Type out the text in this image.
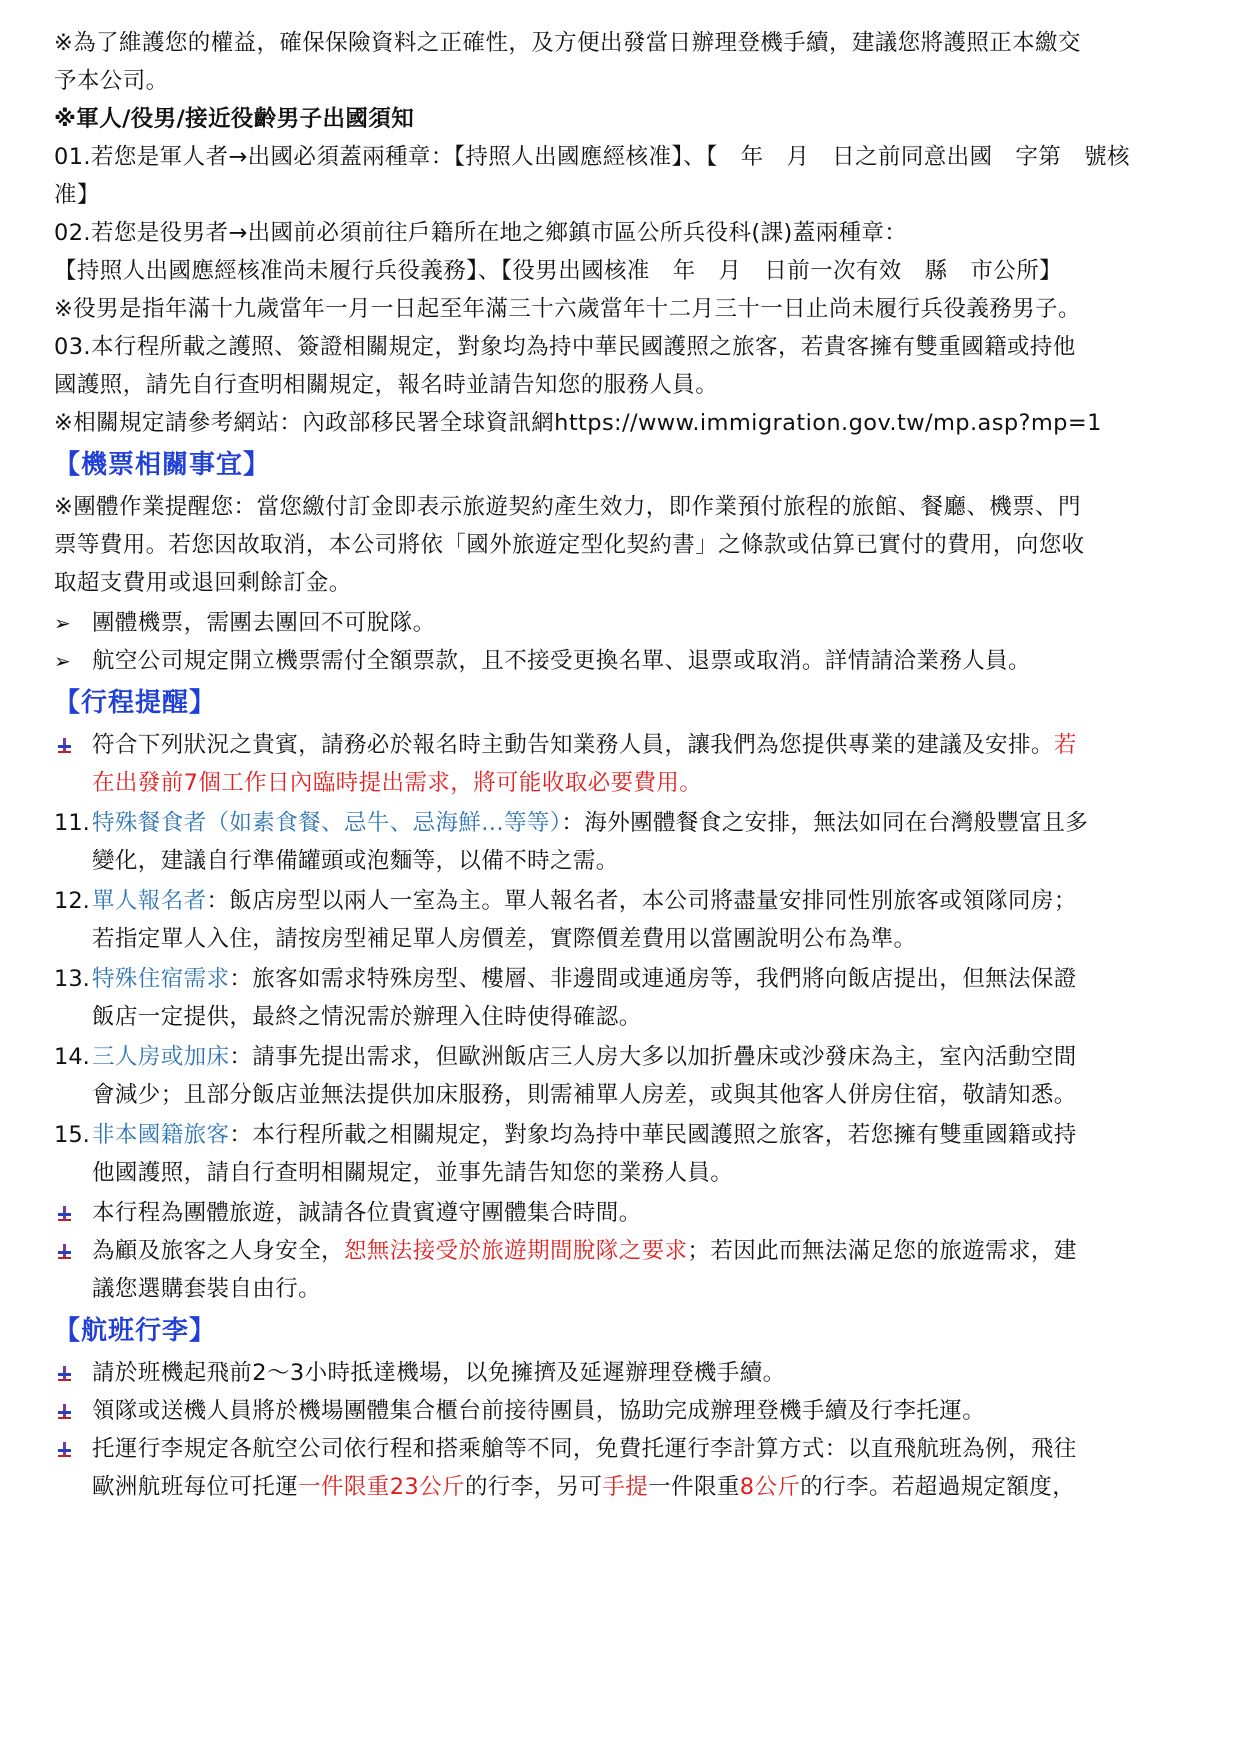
※為了維護您的權益，確保保險資料之正確性，及方便出發當日辦理登機手續，建議您將護照正本繳交
予本公司。
※軍人/役男/接近役齡男子出國須知
01.若您是軍人者→出國必須蓋兩種章：【持照人出國應經核准】、【　年　月　日之前同意出國　字第　號核
准】
02.若您是役男者→出國前必須前往戶籍所在地之鄉鎮市區公所兵役科(課)蓋兩種章：
【持照人出國應經核准尚未履行兵役義務】、【役男出國核准　年　月　日前一次有效　縣　市公所】
※役男是指年滿十九歲當年一月一日起至年滿三十六歲當年十二月三十一日止尚未履行兵役義務男子。
03.本行程所載之護照、簽證相關規定，對象均為持中華民國護照之旅客，若貴客擁有雙重國籍或持他
國護照，請先自行查明相關規定，報名時並請告知您的服務人員。
※相關規定請參考網站：內政部移民署全球資訊網https://www.immigration.gov.tw/mp.asp?mp=1
【機票相關事宜】
※團體作業提醒您：當您繳付訂金即表示旅遊契約產生效力，即作業預付旅程的旅館、餐廳、機票、門
票等費用。若您因故取消，本公司將依「國外旅遊定型化契約書」之條款或估算已實付的費用，向您收
取超支費用或退回剩餘訂金。
➢ 團體機票，需團去團回不可脫隊。
➢ 航空公司規定開立機票需付全額票款，且不接受更換名單、退票或取消。詳情請洽業務人員。
【行程提醒】
符合下列狀況之貴賓，請務必於報名時主動告知業務人員，讓我們為您提供專業的建議及安排。若
在出發前7個工作日內臨時提出需求，將可能收取必要費用。
11. 特殊餐食者（如素食餐、忌牛、忌海鮮...等等）：海外團體餐食之安排，無法如同在台灣般豐富且多
變化，建議自行準備罐頭或泡麵等，以備不時之需。
12. 單人報名者：飯店房型以兩人一室為主。單人報名者，本公司將盡量安排同性別旅客或領隊同房；
若指定單人入住，請按房型補足單人房價差，實際價差費用以當團說明公布為準。
13. 特殊住宿需求：旅客如需求特殊房型、樓層、非邊間或連通房等，我們將向飯店提出，但無法保證
飯店一定提供，最終之情況需於辦理入住時使得確認。
14. 三人房或加床：請事先提出需求，但歐洲飯店三人房大多以加折疊床或沙發床為主，室內活動空間
會減少；且部分飯店並無法提供加床服務，則需補單人房差，或與其他客人併房住宿，敬請知悉。
15. 非本國籍旅客：本行程所載之相關規定，對象均為持中華民國護照之旅客，若您擁有雙重國籍或持
他國護照，請自行查明相關規定，並事先請告知您的業務人員。
本行程為團體旅遊，誠請各位貴賓遵守團體集合時間。
為顧及旅客之人身安全，恕無法接受於旅遊期間脫隊之要求；若因此而無法滿足您的旅遊需求，建
議您選購套裝自由行。
【航班行李】
請於班機起飛前2～3小時抵達機場，以免擁擠及延遲辦理登機手續。
領隊或送機人員將於機場團體集合櫃台前接待團員，協助完成辦理登機手續及行李托運。
托運行李規定各航空公司依行程和搭乘艙等不同，免費托運行李計算方式：以直飛航班為例，飛往
歐洲航班每位可托運一件限重23公斤的行李，另可手提一件限重8公斤的行李。若超過規定額度，
